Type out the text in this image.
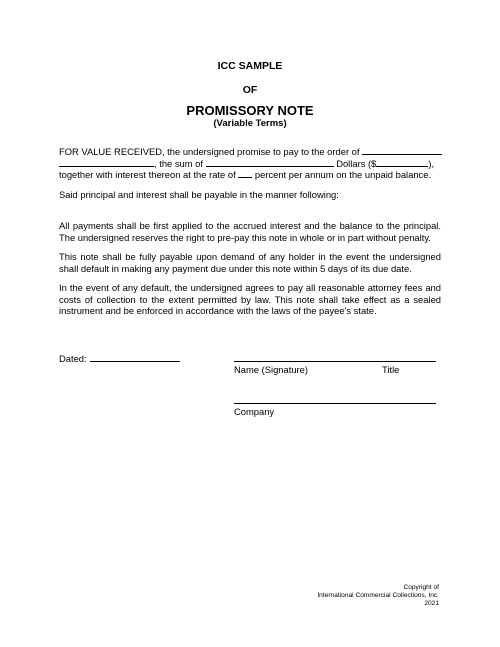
ICC SAMPLE
OF
PROMISSORY NOTE
(Variable Terms)
FOR VALUE RECEIVED, the undersigned promise to pay to the order of
, the sum of	Dollars ($	),
together with interest thereon at the rate of percent per annum on the unpaid balance.
Said principal and interest shall be payable in the manner following:
All payments shall be first applied to the accrued interest and the balance to the principal. The undersigned reserves the right to pre-pay this note in whole or in part without penalty.
This note shall be fully payable upon demand of any holder in the event the undersigned shall default in making any payment due under this note within 5 days of its due date.
In the event of any default, the undersigned agrees to pay all reasonable attorney fees and costs of collection to the extent permitted by law. This note shall take effect as a sealed instrument and be enforced in accordance with the laws of the payee's state.
Dated:
Name (Signature)	Title
Company
Copyright of
International Commercial Collections, Inc.
2021
